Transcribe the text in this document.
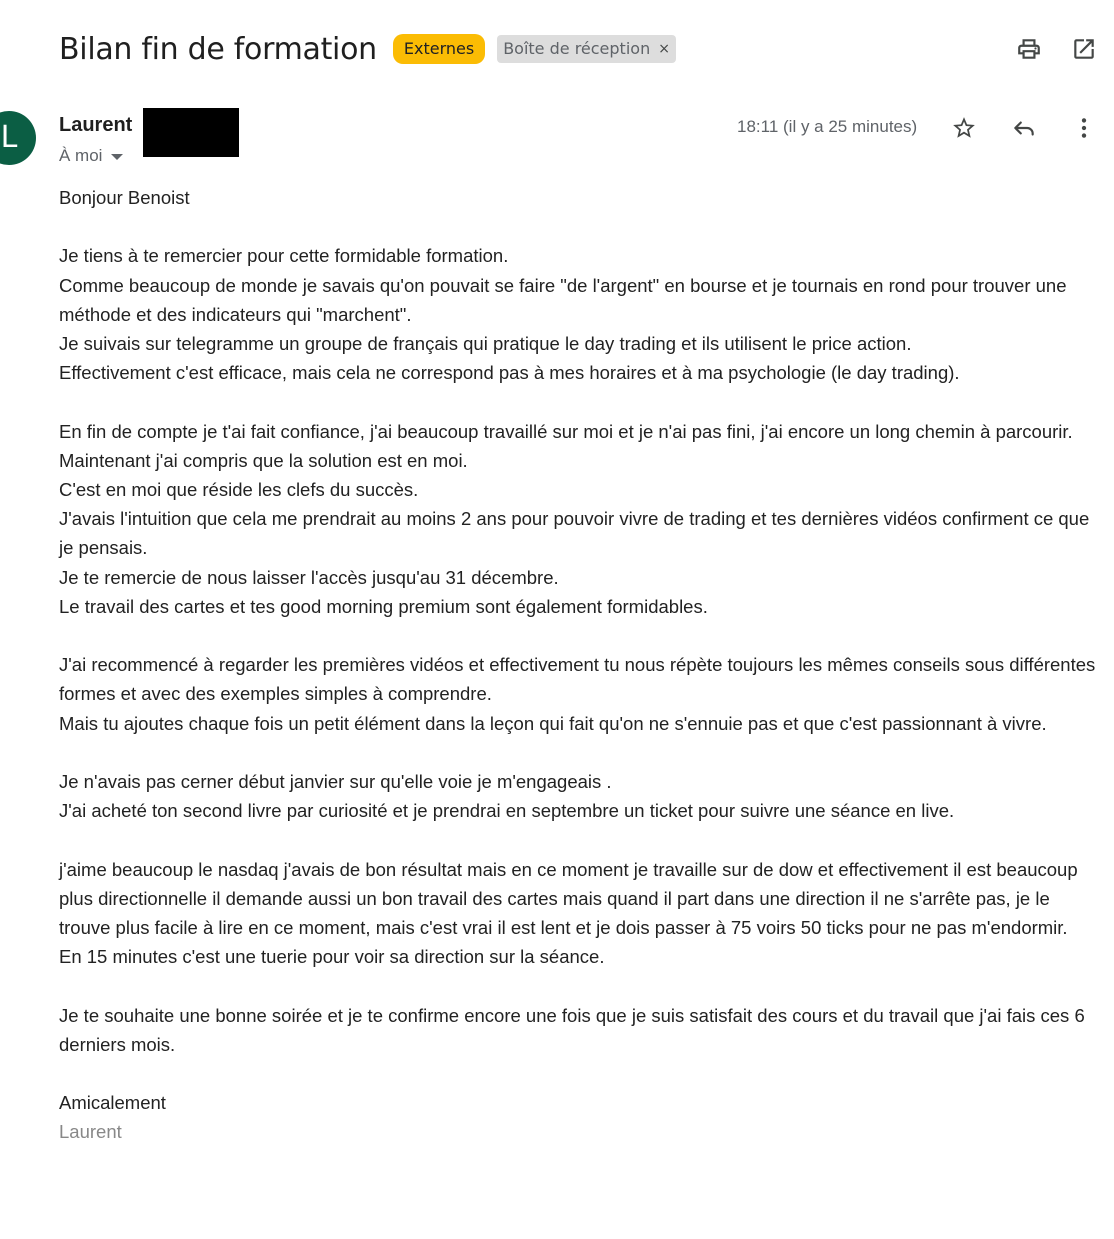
Bilan fin de formation	Externes	Boîte de réception ×
L	Laurent
À moi
18:11 (il y a 25 minutes)

Bonjour Benoist

Je tiens à te remercier pour cette formidable formation.

Comme beaucoup de monde je savais qu'on pouvait se faire "de l'argent" en bourse et je tournais en rond pour trouver une méthode et des indicateurs qui "marchent".

Je suivais sur telegramme un groupe de français qui pratique le day trading et ils utilisent le price action.

Effectivement c'est efficace, mais cela ne correspond pas à mes horaires et à ma psychologie (le day trading).

En fin de compte je t'ai fait confiance, j'ai beaucoup travaillé sur moi et je n'ai pas fini, j'ai encore un long chemin à parcourir.

Maintenant j'ai compris que la solution est en moi.

C'est en moi que réside les clefs du succès.

J'avais l'intuition que cela me prendrait au moins 2 ans pour pouvoir vivre de trading et tes dernières vidéos confirment ce que je pensais.

Je te remercie de nous laisser l'accès jusqu'au 31 décembre.

Le travail des cartes et tes good morning premium sont également formidables.

J'ai recommencé à regarder les premières vidéos et effectivement tu nous répète toujours les mêmes conseils sous différentes formes et avec des exemples simples à comprendre.

Mais tu ajoutes chaque fois un petit élément dans la leçon qui fait qu'on ne s'ennuie pas et que c'est passionnant à vivre.

Je n'avais pas cerner début janvier sur qu'elle voie je m'engageais .

J'ai acheté ton second livre par curiosité et je prendrai en septembre un ticket pour suivre une séance en live.

j'aime beaucoup le nasdaq j'avais de bon résultat mais en ce moment je travaille sur de dow et effectivement il est beaucoup plus directionnelle il demande aussi un bon travail des cartes mais quand il part dans une direction il ne s'arrête pas, je le trouve plus facile à lire en ce moment, mais c'est vrai il est lent et je dois passer à 75 voirs 50 ticks pour ne pas m'endormir.

En 15 minutes c'est une tuerie pour voir sa direction sur la séance.

Je te souhaite une bonne soirée et je te confirme encore une fois que je suis satisfait des cours et du travail que j'ai fais ces 6 derniers mois.

Amicalement

Laurent
